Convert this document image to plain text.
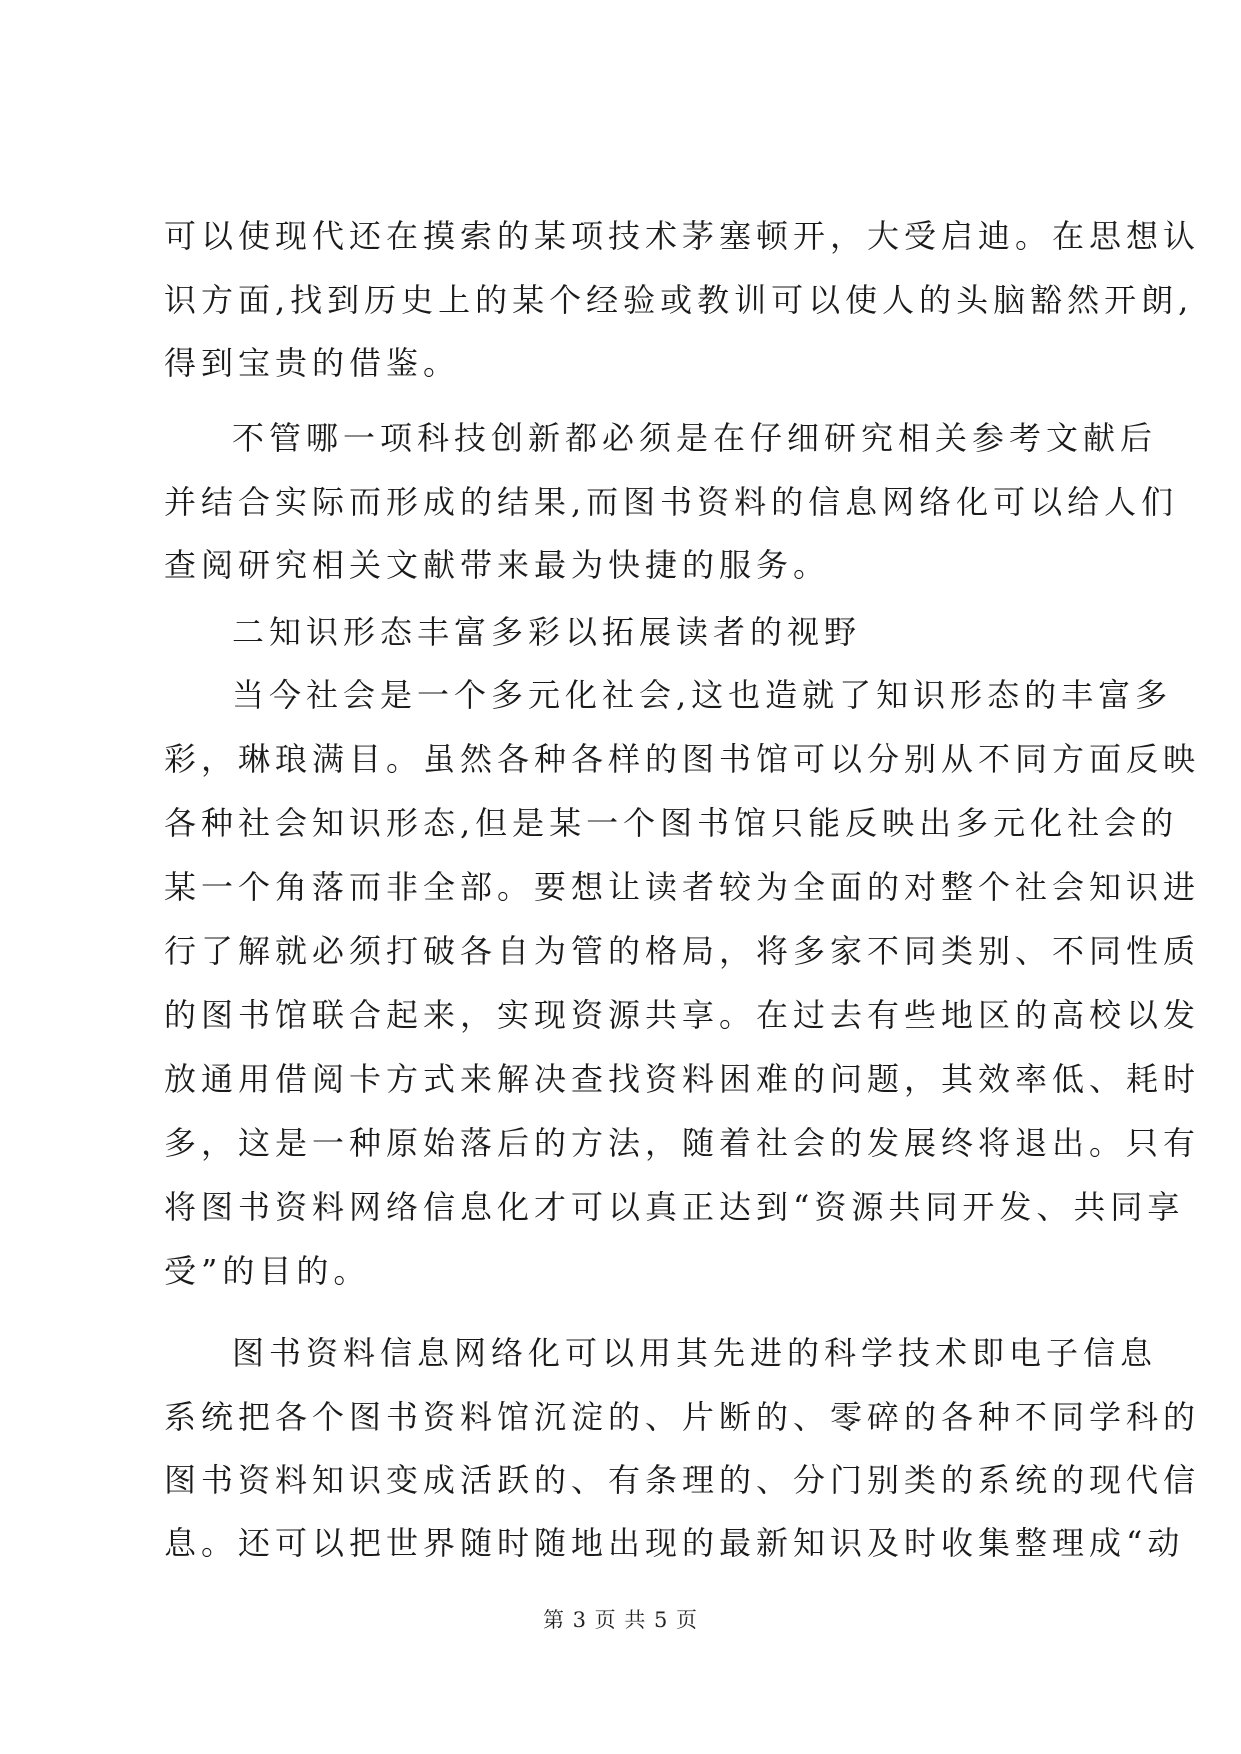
可以使现代还在摸索的某项技术茅塞顿开，大受启迪。在思想认
识方面,找到历史上的某个经验或教训可以使人的头脑豁然开朗,
得到宝贵的借鉴。
不管哪一项科技创新都必须是在仔细研究相关参考文献后
并结合实际而形成的结果,而图书资料的信息网络化可以给人们
查阅研究相关文献带来最为快捷的服务。
二知识形态丰富多彩以拓展读者的视野
当今社会是一个多元化社会,这也造就了知识形态的丰富多
彩，琳琅满目。虽然各种各样的图书馆可以分别从不同方面反映
各种社会知识形态,但是某一个图书馆只能反映出多元化社会的
某一个角落而非全部。要想让读者较为全面的对整个社会知识进
行了解就必须打破各自为管的格局，将多家不同类别、不同性质
的图书馆联合起来，实现资源共享。在过去有些地区的高校以发
放通用借阅卡方式来解决查找资料困难的问题，其效率低、耗时
多，这是一种原始落后的方法，随着社会的发展终将退出。只有
将图书资料网络信息化才可以真正达到“资源共同开发、共同享
受”的目的。
图书资料信息网络化可以用其先进的科学技术即电子信息
系统把各个图书资料馆沉淀的、片断的、零碎的各种不同学科的
图书资料知识变成活跃的、有条理的、分门别类的系统的现代信
息。还可以把世界随时随地出现的最新知识及时收集整理成“动
第 3 页 共 5 页
